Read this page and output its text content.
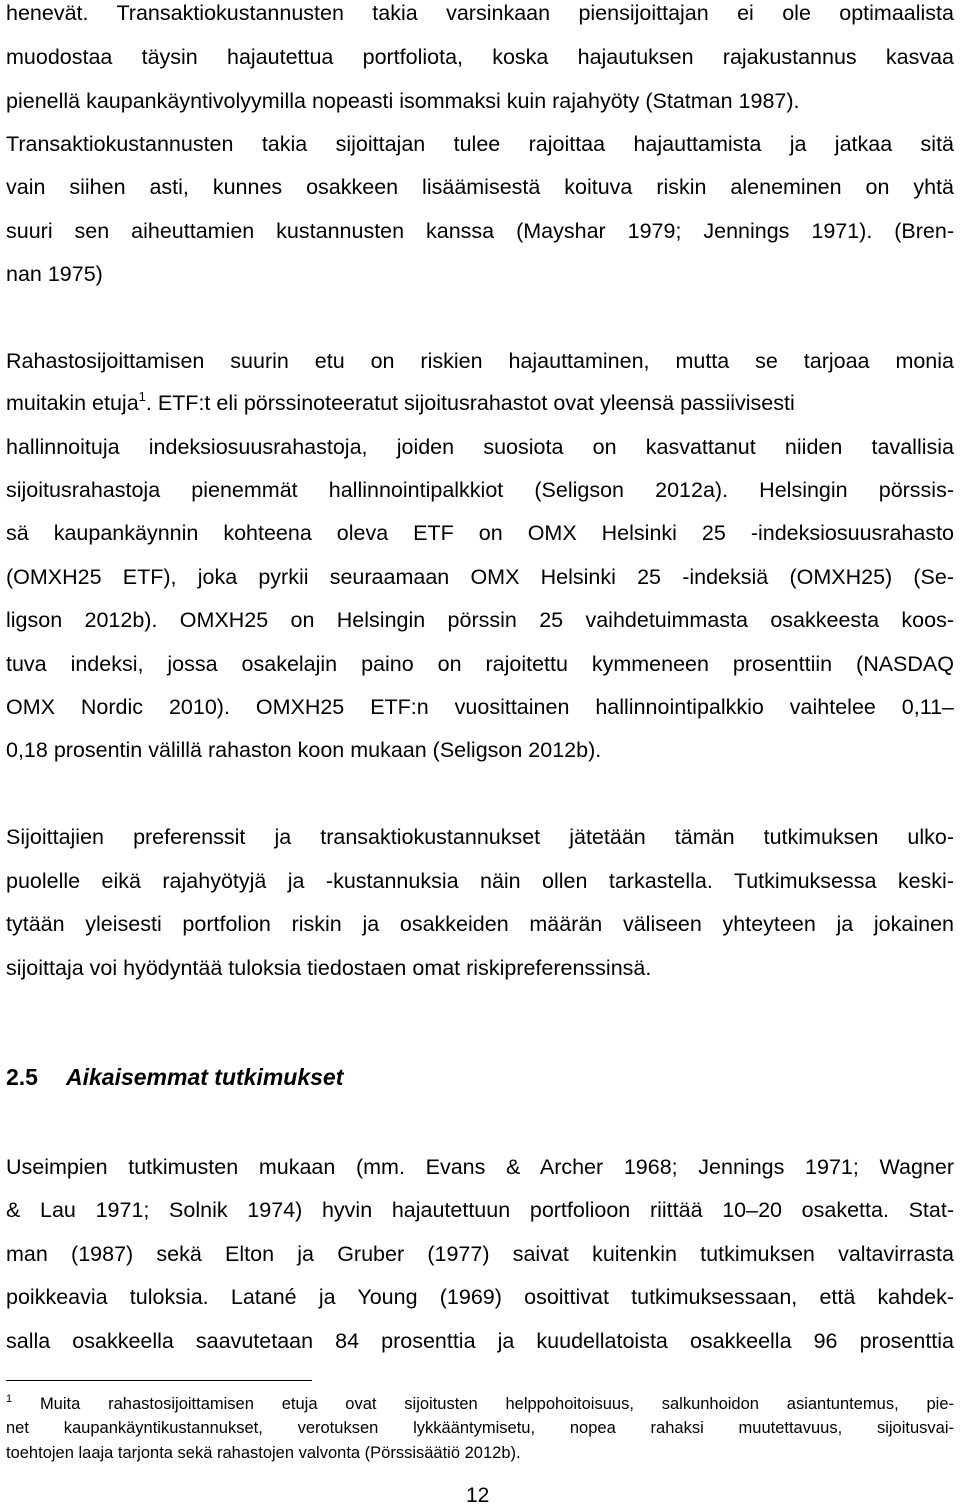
henevät. Transaktiokustannusten takia varsinkaan piensijoittajan ei ole optimaalista
muodostaa täysin hajautettua portfoliota, koska hajautuksen rajakustannus kasvaa
pienellä kaupankäyntivolyymilla nopeasti isommaksi kuin rajahyöty (Statman 1987).
Transaktiokustannusten takia sijoittajan tulee rajoittaa hajauttamista ja jatkaa sitä
vain siihen asti, kunnes osakkeen lisäämisestä koituva riskin aleneminen on yhtä
suuri sen aiheuttamien kustannusten kanssa (Mayshar 1979; Jennings 1971). (Bren-
nan 1975)
Rahastosijoittamisen suurin etu on riskien hajauttaminen, mutta se tarjoaa monia
muitakin etuja$^1$. ETF:t eli pörssinoteeratut sijoitusrahastot ovat yleensä passiivisesti
hallinnoituja indeksiosuusrahastoja, joiden suosiota on kasvattanut niiden tavallisia
sijoitusrahastoja pienemmät hallinnointipalkkiot (Seligson 2012a). Helsingin pörssis-
sä kaupankäynnin kohteena oleva ETF on OMX Helsinki 25 -indeksiosuusrahasto
(OMXH25 ETF), joka pyrkii seuraamaan OMX Helsinki 25 -indeksiä (OMXH25) (Se-
ligson 2012b). OMXH25 on Helsingin pörssin 25 vaihdetuimmasta osakkeesta koos-
tuva indeksi, jossa osakelajin paino on rajoitettu kymmeneen prosenttiin (NASDAQ
OMX Nordic 2010). OMXH25 ETF:n vuosittainen hallinnointipalkkio vaihtelee 0,11–
0,18 prosentin välillä rahaston koon mukaan (Seligson 2012b).
Sijoittajien preferenssit ja transaktiokustannukset jätetään tämän tutkimuksen ulko-
puolelle eikä rajahyötyjä ja -kustannuksia näin ollen tarkastella. Tutkimuksessa keski-
tytään yleisesti portfolion riskin ja osakkeiden määrän väliseen yhteyteen ja jokainen
sijoittaja voi hyödyntää tuloksia tiedostaen omat riskipreferenssinsä.
2.5 Aikaisemmat tutkimukset
Useimpien tutkimusten mukaan (mm. Evans & Archer 1968; Jennings 1971; Wagner
& Lau 1971; Solnik 1974) hyvin hajautettuun portfolioon riittää 10–20 osaketta. Stat-
man (1987) sekä Elton ja Gruber (1977) saivat kuitenkin tutkimuksen valtavirrasta
poikkeavia tuloksia. Latané ja Young (1969) osoittivat tutkimuksessaan, että kahdek-
salla osakkeella saavutetaan 84 prosenttia ja kuudellatoista osakkeella 96 prosenttia
$^1$ Muita rahastosijoittamisen etuja ovat sijoitusten helppohoitoisuus, salkunhoidon asiantuntemus, pie-
net kaupankäyntikustannukset, verotuksen lykkääntymisetu, nopea rahaksi muutettavuus, sijoitusvai-
toehtojen laaja tarjonta sekä rahastojen valvonta (Pörssisäätiö 2012b).
12
